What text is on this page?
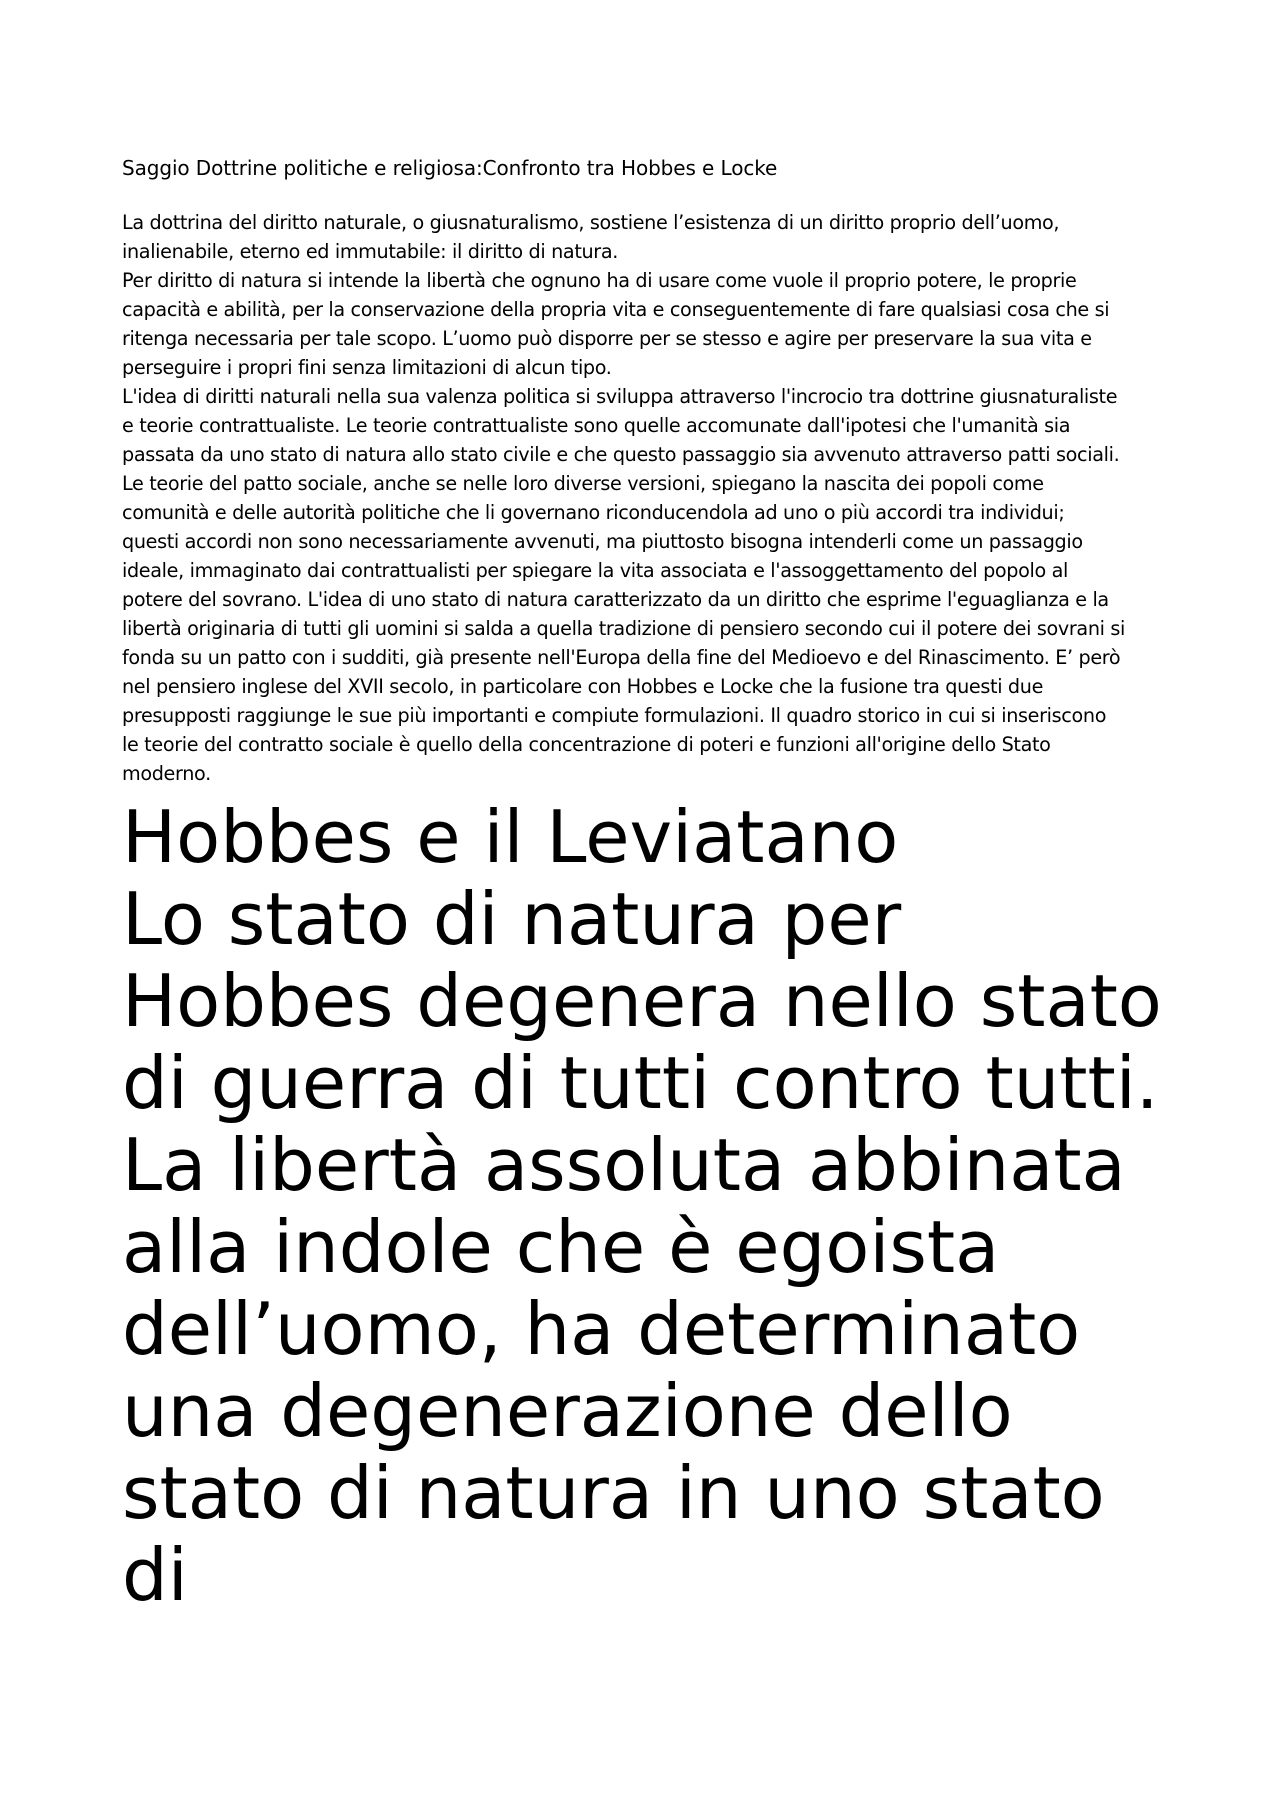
Saggio Dottrine politiche e religiosa:Confronto tra Hobbes e Locke

La dottrina del diritto naturale, o giusnaturalismo, sostiene l’esistenza di un diritto proprio dell’uomo,
inalienabile, eterno ed immutabile: il diritto di natura.
Per diritto di natura si intende la libertà che ognuno ha di usare come vuole il proprio potere, le proprie
capacità e abilità, per la conservazione della propria vita e conseguentemente di fare qualsiasi cosa che si
ritenga necessaria per tale scopo. L’uomo può disporre per se stesso e agire per preservare la sua vita e
perseguire i propri fini senza limitazioni di alcun tipo.
L'idea di diritti naturali nella sua valenza politica si sviluppa attraverso l'incrocio tra dottrine giusnaturaliste
e teorie contrattualiste. Le teorie contrattualiste sono quelle accomunate dall'ipotesi che l'umanità sia
passata da uno stato di natura allo stato civile e che questo passaggio sia avvenuto attraverso patti sociali.
Le teorie del patto sociale, anche se nelle loro diverse versioni, spiegano la nascita dei popoli come
comunità e delle autorità politiche che li governano riconducendola ad uno o più accordi tra individui;
questi accordi non sono necessariamente avvenuti, ma piuttosto bisogna intenderli come un passaggio
ideale, immaginato dai contrattualisti per spiegare la vita associata e l'assoggettamento del popolo al
potere del sovrano. L'idea di uno stato di natura caratterizzato da un diritto che esprime l'eguaglianza e la
libertà originaria di tutti gli uomini si salda a quella tradizione di pensiero secondo cui il potere dei sovrani si
fonda su un patto con i sudditi, già presente nell'Europa della fine del Medioevo e del Rinascimento. E’ però
nel pensiero inglese del XVII secolo, in particolare con Hobbes e Locke che la fusione tra questi due
presupposti raggiunge le sue più importanti e compiute formulazioni. Il quadro storico in cui si inseriscono
le teorie del contratto sociale è quello della concentrazione di poteri e funzioni all'origine dello Stato
moderno.
Hobbes e il Leviatano
Lo stato di natura per
Hobbes degenera nello stato
di guerra di tutti contro tutti.
La libertà assoluta abbinata
alla indole che è egoista
dell’uomo, ha determinato
una degenerazione dello
stato di natura in uno stato
di
